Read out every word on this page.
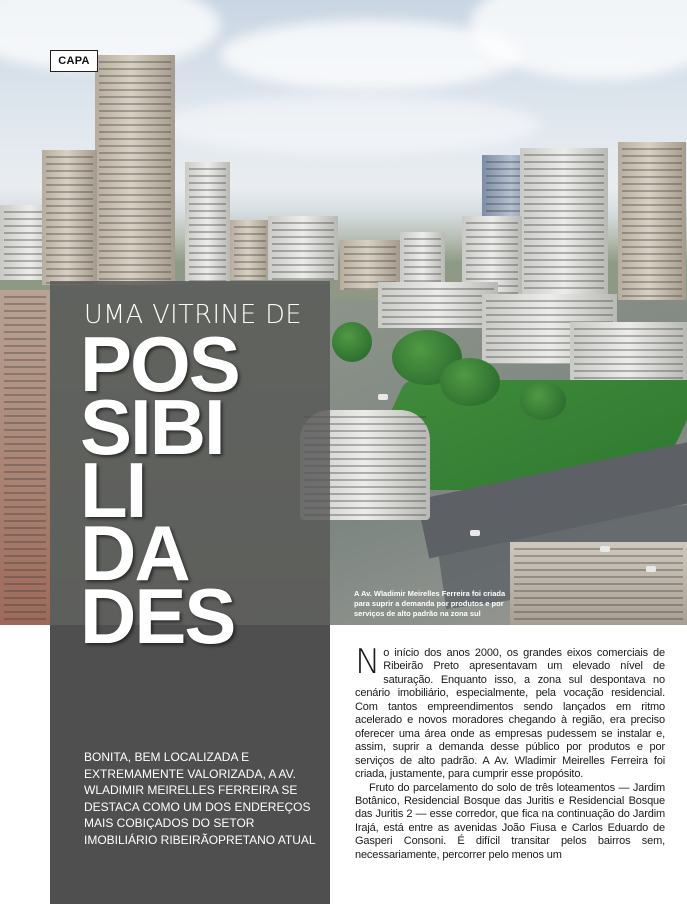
CAPA
UMA VITRINE DE
POS
SIBI
LI
DA
DES
BONITA, BEM LOCALIZADA E EXTREMAMENTE VALORIZADA, A AV. WLADIMIR MEIRELLES FERREIRA SE DESTACA COMO UM DOS ENDEREÇOS MAIS COBIÇADOS DO SETOR IMOBILIÁRIO RIBEIRÃOPRETANO ATUAL
A Av. Wladimir Meirelles Ferreira foi criada para suprir a demanda por produtos e por serviços de alto padrão na zona sul

No início dos anos 2000, os grandes eixos comerciais de Ribeirão Preto apresentavam um elevado nível de saturação. Enquanto isso, a zona sul despontava no cenário imobiliário, especialmente, pela vocação residencial. Com tantos empreendimentos sendo lançados em ritmo acelerado e novos moradores chegando à região, era preciso oferecer uma área onde as empresas pudessem se instalar e, assim, suprir a demanda desse público por produtos e por serviços de alto padrão. A Av. Wladimir Meirelles Ferreira foi criada, justamente, para cumprir esse propósito.

Fruto do parcelamento do solo de três loteamentos — Jardim Botânico, Residencial Bosque das Juritis e Residencial Bosque das Juritis 2 — esse corredor, que fica na continuação do Jardim Irajá, está entre as avenidas João Fiusa e Carlos Eduardo de Gasperi Consoni. É difícil transitar pelos bairros sem, necessariamente, percorrer pelo menos um
